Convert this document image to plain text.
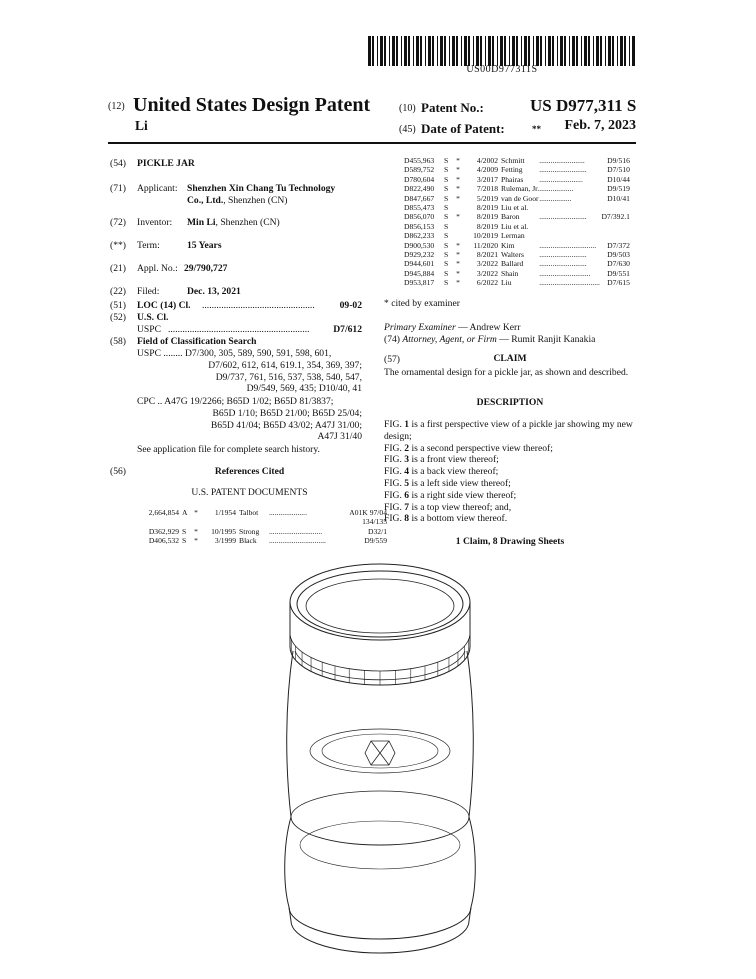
US00D977311S
(12) United States Design Patent
Li
(10) Patent No.:	US D977,311 S
(45) Date of Patent:	**	Feb. 7, 2023
(54) PICKLE JAR
(71) Applicant: Shenzhen Xin Chang Tu Technology
Co., Ltd., Shenzhen (CN)
(72) Inventor: Min Li, Shenzhen (CN)
(**) Term:	15 Years
(21) Appl. No.: 29/790,727
(22) Filed:	Dec. 13, 2021
(51) LOC (14) Cl. ...............................................	09-02
(52) U.S. Cl.
USPC ...........................................................	D7/612
(58) Field of Classification Search
USPC ........ D7/300, 305, 589, 590, 591, 598, 601,
D7/602, 612, 614, 619.1, 354, 369, 397;
D9/737, 761, 516, 537, 538, 540, 547,
D9/549, 569, 435; D10/40, 41
CPC .. A47G 19/2266; B65D 1/02; B65D 81/3837;
B65D 1/10; B65D 21/00; B65D 25/04;
B65D 41/04; B65D 43/02; A47J 31/00;
A47J 31/40
See application file for complete search history.
(56)	References Cited
U.S. PATENT DOCUMENTS
2,664,854	A	*	1/1954	Talbot	....................	A01K 97/04
						134/135
D362,929	S	*	10/1995	Strong	............................	D32/1
D406,532	S	*	3/1999	Black	..............................	D9/559
D455,963	S	*	4/2002	Schmitt	........................	D9/516
D589,752	S	*	4/2009	Fetting	.........................	D7/510
D780,604	S	*	3/2017	Phairas	.......................	D10/44
D822,490	S	*	7/2018	Ruleman, Jr.	..................	D9/519
D847,667	S	*	5/2019	van de Goor	.................	D10/41
D855,473	S		8/2019	Liu et al.		
D856,070	S	*	8/2019	Baron	.........................	D7/392.1
D856,153	S		8/2019	Liu et al.		
D862,233	S		10/2019	Lerman		
D900,530	S	*	11/2020	Kim	..............................	D7/372
D929,232	S	*	8/2021	Walters	.........................	D9/503
D944,601	S	*	3/2022	Ballard	.........................	D7/630
D945,884	S	*	3/2022	Shain	...........................	D9/551
D953,817	S	*	6/2022	Liu	................................	D7/615
* cited by examiner
Primary Examiner — Andrew Kerr
(74) Attorney, Agent, or Firm — Rumit Ranjit Kanakia
(57)	CLAIM
The ornamental design for a pickle jar, as shown and described.
DESCRIPTION
FIG. 1 is a first perspective view of a pickle jar showing my new design;
FIG. 2 is a second perspective view thereof;
FIG. 3 is a front view thereof;
FIG. 4 is a back view thereof;
FIG. 5 is a left side view thereof;
FIG. 6 is a right side view thereof;
FIG. 7 is a top view thereof; and,
FIG. 8 is a bottom view thereof.
1 Claim, 8 Drawing Sheets
